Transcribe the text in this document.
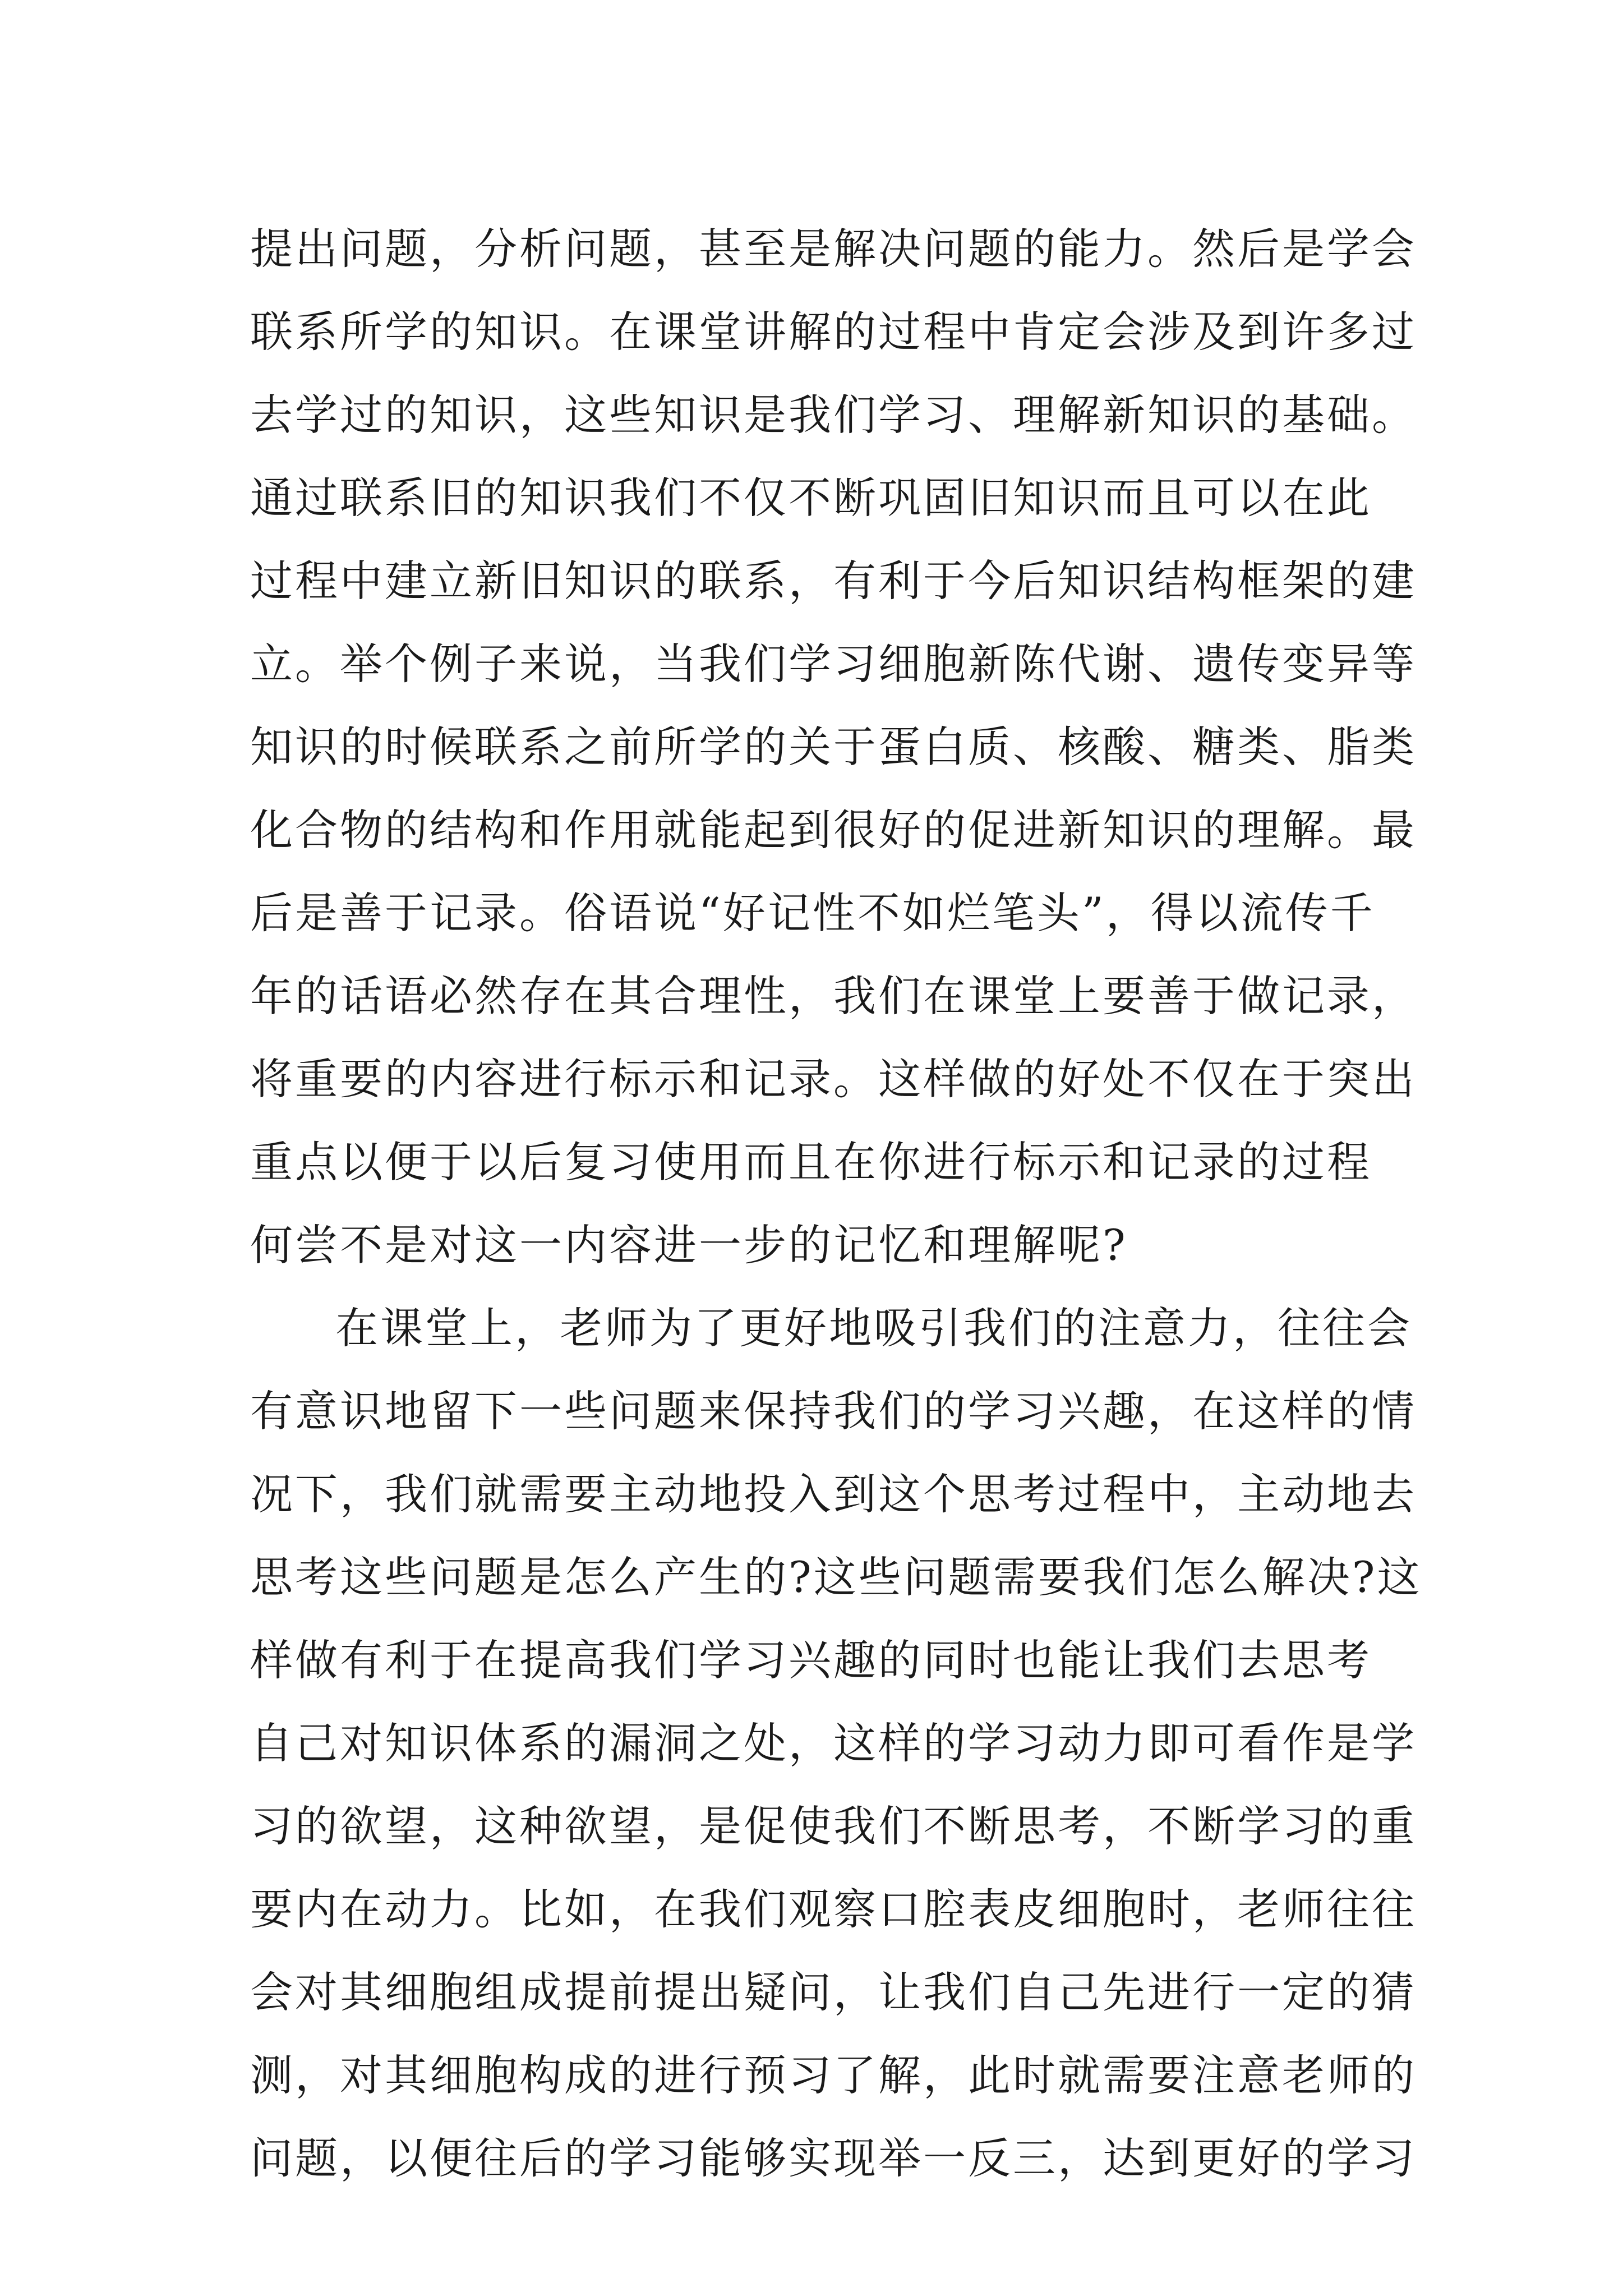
提出问题，分析问题，甚至是解决问题的能力。然后是学会
联系所学的知识。在课堂讲解的过程中肯定会涉及到许多过
去学过的知识，这些知识是我们学习、理解新知识的基础。
通过联系旧的知识我们不仅不断巩固旧知识而且可以在此
过程中建立新旧知识的联系，有利于今后知识结构框架的建
立。举个例子来说，当我们学习细胞新陈代谢、遗传变异等
知识的时候联系之前所学的关于蛋白质、核酸、糖类、脂类
化合物的结构和作用就能起到很好的促进新知识的理解。最
后是善于记录。俗语说“好记性不如烂笔头”，得以流传千
年的话语必然存在其合理性，我们在课堂上要善于做记录，
将重要的内容进行标示和记录。这样做的好处不仅在于突出
重点以便于以后复习使用而且在你进行标示和记录的过程
何尝不是对这一内容进一步的记忆和理解呢?
在课堂上，老师为了更好地吸引我们的注意力，往往会
有意识地留下一些问题来保持我们的学习兴趣，在这样的情
况下，我们就需要主动地投入到这个思考过程中，主动地去
思考这些问题是怎么产生的?这些问题需要我们怎么解决?这
样做有利于在提高我们学习兴趣的同时也能让我们去思考
自己对知识体系的漏洞之处，这样的学习动力即可看作是学
习的欲望，这种欲望，是促使我们不断思考，不断学习的重
要内在动力。比如，在我们观察口腔表皮细胞时，老师往往
会对其细胞组成提前提出疑问，让我们自己先进行一定的猜
测，对其细胞构成的进行预习了解，此时就需要注意老师的
问题，以便往后的学习能够实现举一反三，达到更好的学习
